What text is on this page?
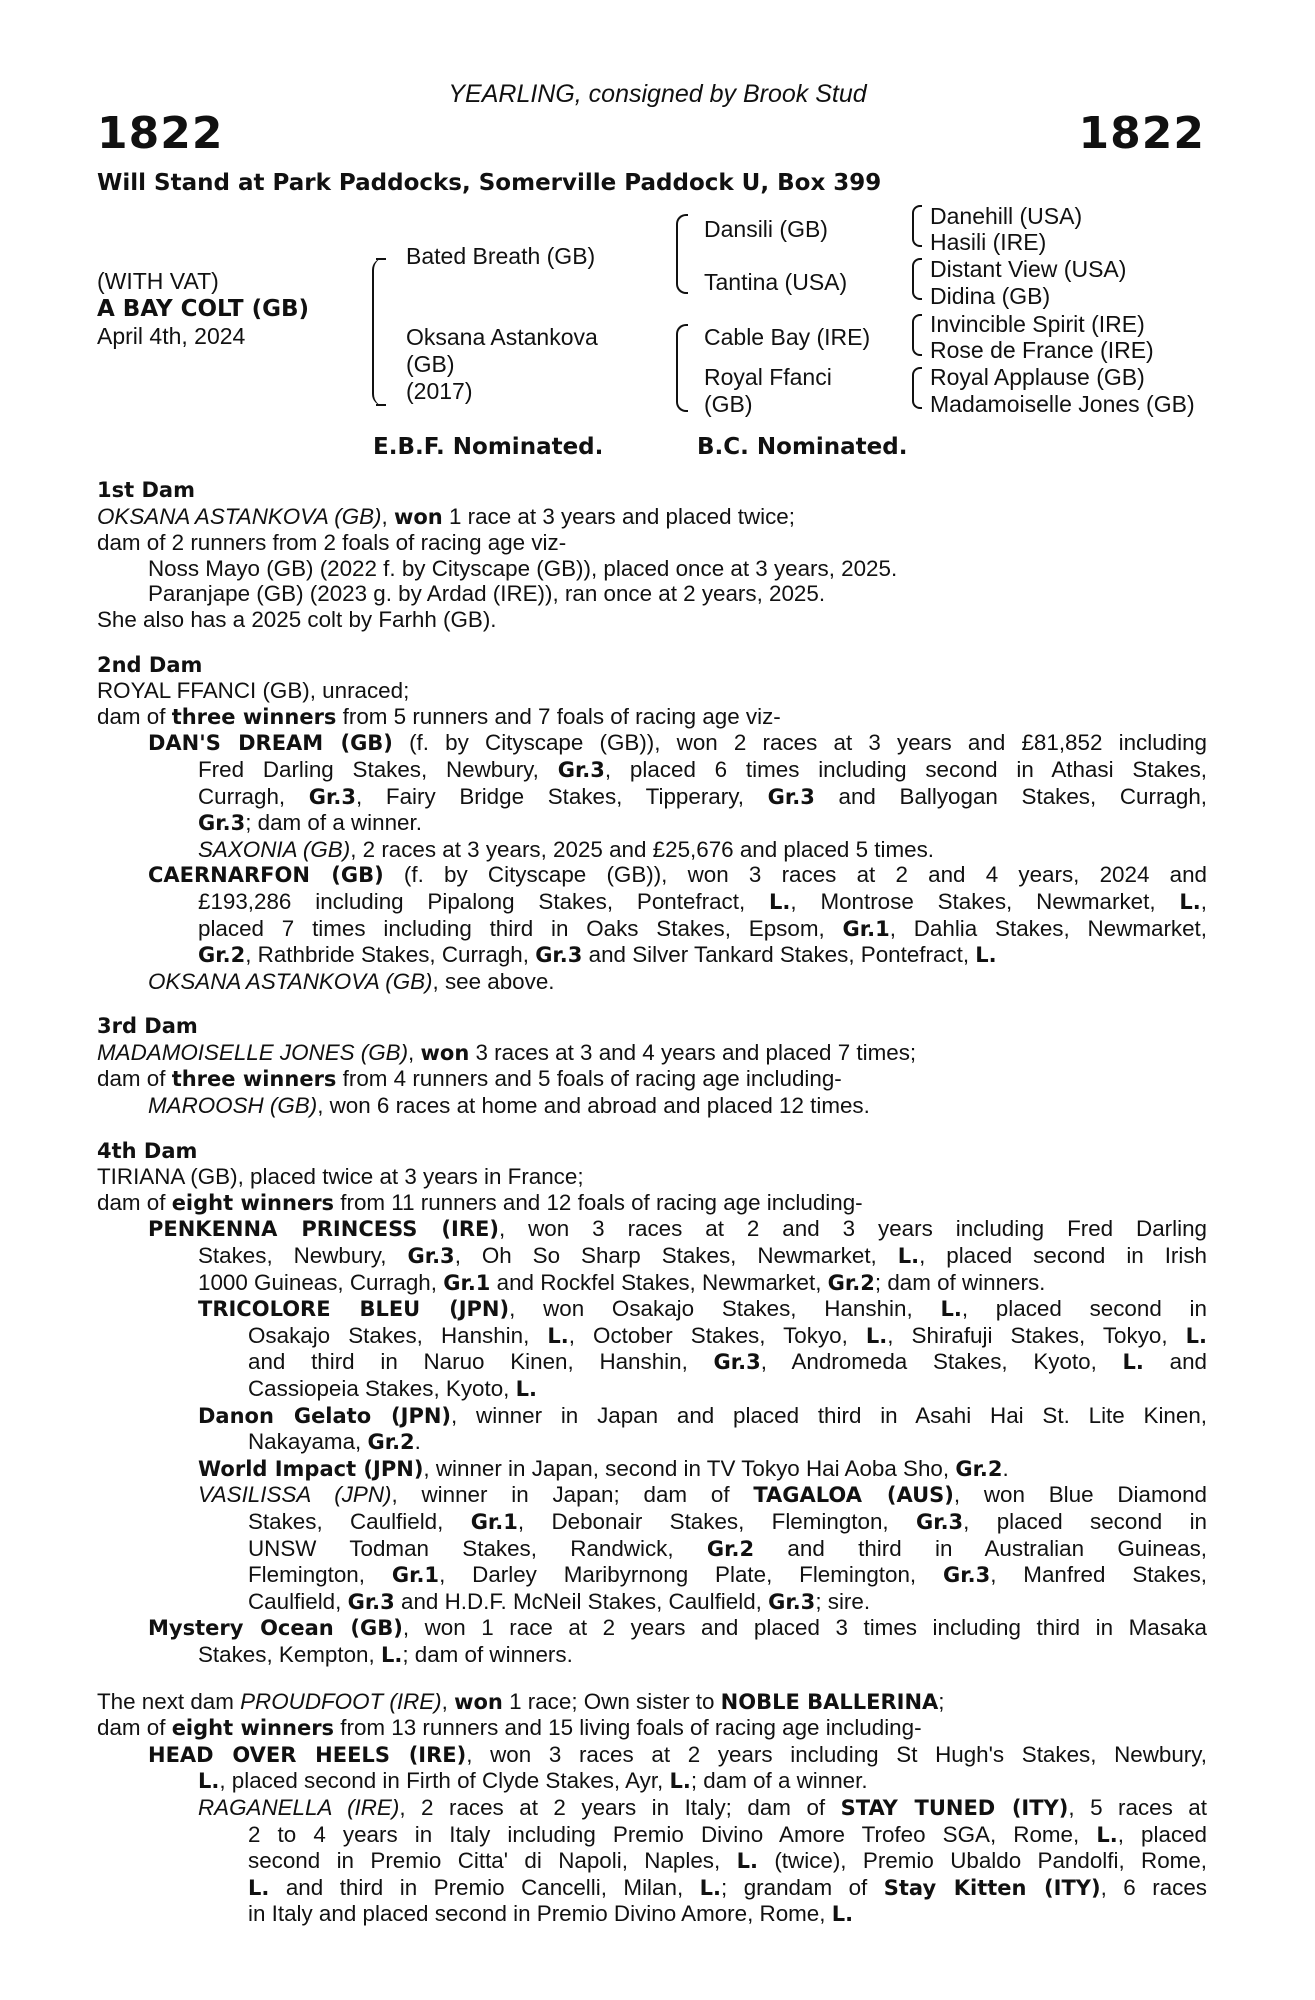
YEARLING, consigned by Brook Stud
1822	1822
Will Stand at Park Paddocks, Somerville Paddock U, Box 399
(WITH VAT)
A BAY COLT (GB)
April 4th, 2024
Bated Breath (GB)
Oksana Astankova
(GB)
(2017)
Dansili (GB)
Tantina (USA)
Cable Bay (IRE)
Royal Ffanci
(GB)
Danehill (USA)
Hasili (IRE)
Distant View (USA)
Didina (GB)
Invincible Spirit (IRE)
Rose de France (IRE)
Royal Applause (GB)
Madamoiselle Jones (GB)
E.B.F. Nominated.	B.C. Nominated.
1st Dam
OKSANA ASTANKOVA (GB), won 1 race at 3 years and placed twice;
dam of 2 runners from 2 foals of racing age viz-
Noss Mayo (GB) (2022 f. by Cityscape (GB)), placed once at 3 years, 2025.
Paranjape (GB) (2023 g. by Ardad (IRE)), ran once at 2 years, 2025.
She also has a 2025 colt by Farhh (GB).
2nd Dam
ROYAL FFANCI (GB), unraced;
dam of three winners from 5 runners and 7 foals of racing age viz-
DAN'S DREAM (GB) (f. by Cityscape (GB)), won 2 races at 3 years and £81,852 including
Fred Darling Stakes, Newbury, Gr.3, placed 6 times including second in Athasi Stakes,
Curragh, Gr.3, Fairy Bridge Stakes, Tipperary, Gr.3 and Ballyogan Stakes, Curragh,
Gr.3; dam of a winner.
SAXONIA (GB), 2 races at 3 years, 2025 and £25,676 and placed 5 times.
CAERNARFON (GB) (f. by Cityscape (GB)), won 3 races at 2 and 4 years, 2024 and
£193,286 including Pipalong Stakes, Pontefract, L., Montrose Stakes, Newmarket, L.,
placed 7 times including third in Oaks Stakes, Epsom, Gr.1, Dahlia Stakes, Newmarket,
Gr.2, Rathbride Stakes, Curragh, Gr.3 and Silver Tankard Stakes, Pontefract, L.
OKSANA ASTANKOVA (GB), see above.
3rd Dam
MADAMOISELLE JONES (GB), won 3 races at 3 and 4 years and placed 7 times;
dam of three winners from 4 runners and 5 foals of racing age including-
MAROOSH (GB), won 6 races at home and abroad and placed 12 times.
4th Dam
TIRIANA (GB), placed twice at 3 years in France;
dam of eight winners from 11 runners and 12 foals of racing age including-
PENKENNA PRINCESS (IRE), won 3 races at 2 and 3 years including Fred Darling
Stakes, Newbury, Gr.3, Oh So Sharp Stakes, Newmarket, L., placed second in Irish
1000 Guineas, Curragh, Gr.1 and Rockfel Stakes, Newmarket, Gr.2; dam of winners.
TRICOLORE BLEU (JPN), won Osakajo Stakes, Hanshin, L., placed second in
Osakajo Stakes, Hanshin, L., October Stakes, Tokyo, L., Shirafuji Stakes, Tokyo, L.
and third in Naruo Kinen, Hanshin, Gr.3, Andromeda Stakes, Kyoto, L. and
Cassiopeia Stakes, Kyoto, L.
Danon Gelato (JPN), winner in Japan and placed third in Asahi Hai St. Lite Kinen,
Nakayama, Gr.2.
World Impact (JPN), winner in Japan, second in TV Tokyo Hai Aoba Sho, Gr.2.
VASILISSA (JPN), winner in Japan; dam of TAGALOA (AUS), won Blue Diamond
Stakes, Caulfield, Gr.1, Debonair Stakes, Flemington, Gr.3, placed second in
UNSW Todman Stakes, Randwick, Gr.2 and third in Australian Guineas,
Flemington, Gr.1, Darley Maribyrnong Plate, Flemington, Gr.3, Manfred Stakes,
Caulfield, Gr.3 and H.D.F. McNeil Stakes, Caulfield, Gr.3; sire.
Mystery Ocean (GB), won 1 race at 2 years and placed 3 times including third in Masaka
Stakes, Kempton, L.; dam of winners.
The next dam PROUDFOOT (IRE), won 1 race; Own sister to NOBLE BALLERINA;
dam of eight winners from 13 runners and 15 living foals of racing age including-
HEAD OVER HEELS (IRE), won 3 races at 2 years including St Hugh's Stakes, Newbury,
L., placed second in Firth of Clyde Stakes, Ayr, L.; dam of a winner.
RAGANELLA (IRE), 2 races at 2 years in Italy; dam of STAY TUNED (ITY), 5 races at
2 to 4 years in Italy including Premio Divino Amore Trofeo SGA, Rome, L., placed
second in Premio Citta' di Napoli, Naples, L. (twice), Premio Ubaldo Pandolfi, Rome,
L. and third in Premio Cancelli, Milan, L.; grandam of Stay Kitten (ITY), 6 races
in Italy and placed second in Premio Divino Amore, Rome, L.
